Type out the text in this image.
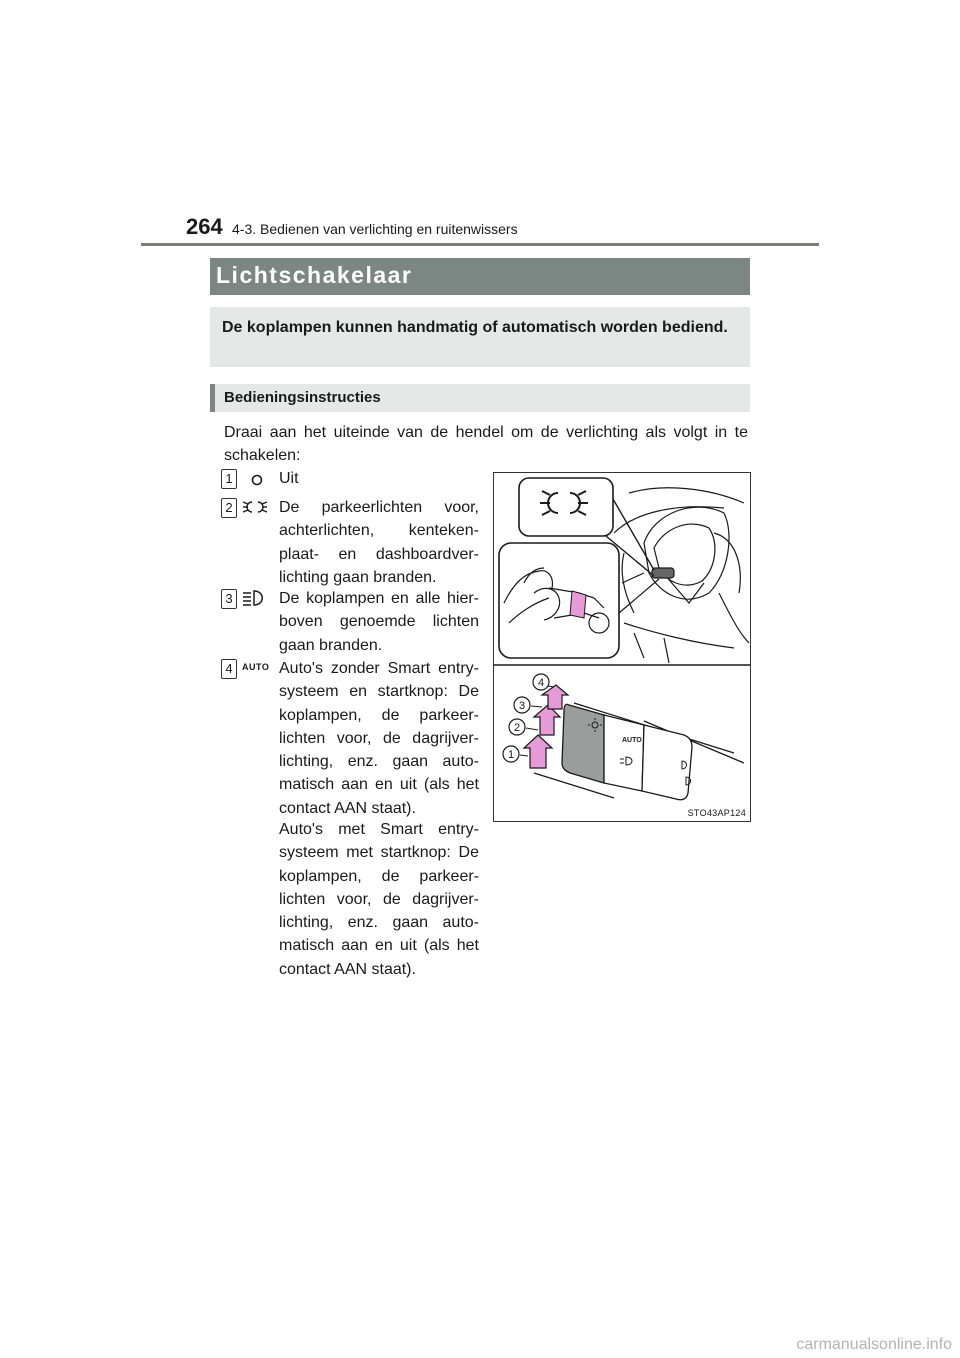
264 4-3. Bedienen van verlichting en ruitenwissers
Lichtschakelaar
De koplampen kunnen handmatig of automatisch worden bediend.
Bedieningsinstructies
Draai aan het uiteinde van de hendel om de verlichting als volgt in te schakelen:
1	Uit
2	De parkeerlichten voor, achterlichten, kenteken-plaat- en dashboardver-lichting gaan branden.
3	De koplampen en alle hier-boven genoemde lichten gaan branden.
4	AUTO Auto's zonder Smart entry-systeem en startknop: De koplampen, de parkeer-lichten voor, de dagrijver-lichting, enz. gaan auto-matisch aan en uit (als het contact AAN staat).
Auto's met Smart entry-systeem met startknop: De koplampen, de parkeer-lichten voor, de dagrijver-lichting, enz. gaan auto-matisch aan en uit (als het contact AAN staat).
AUTO
1
2
3
4
STO43AP124
carmanualsonline.info
